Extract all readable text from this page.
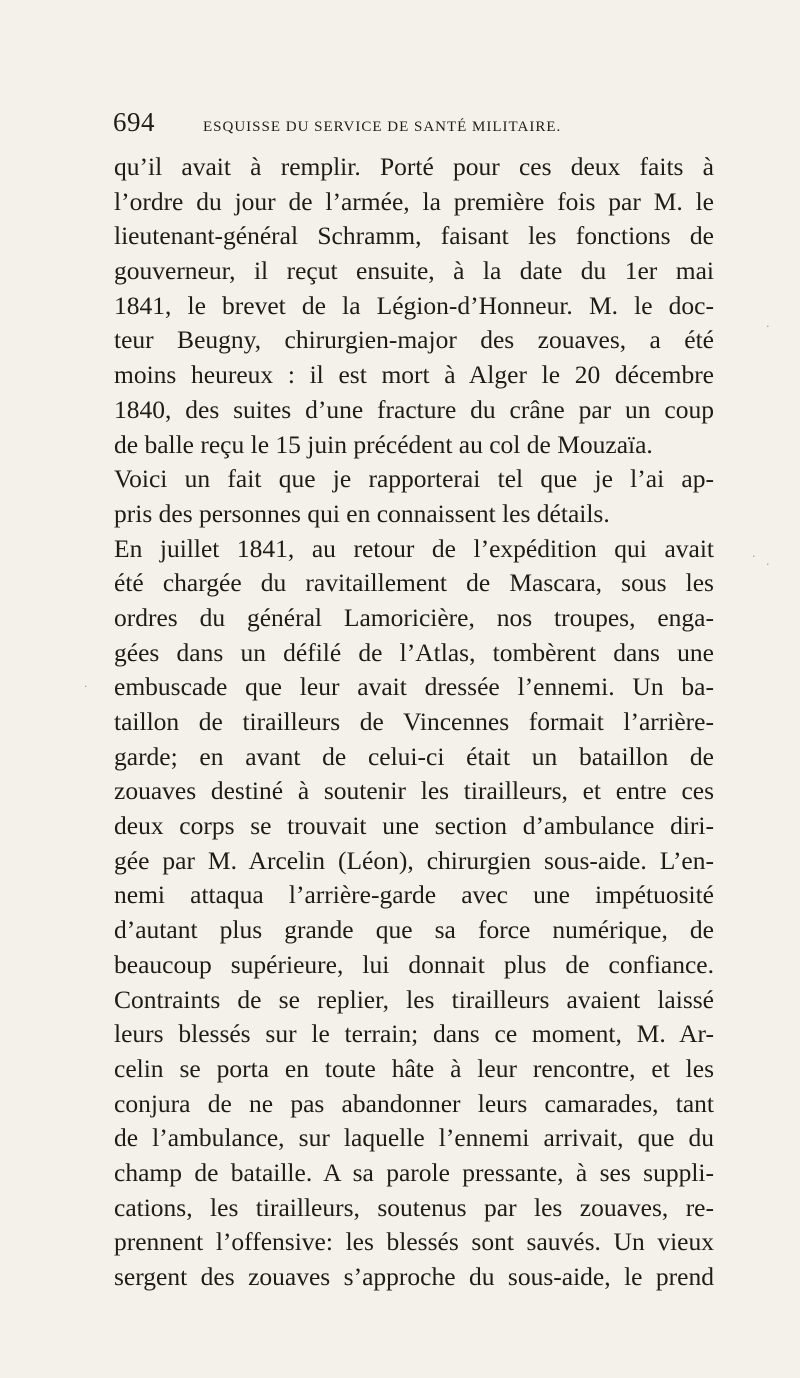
694	ESQUISSE DU SERVICE DE SANTÉ MILITAIRE.
qu’il avait à remplir. Porté pour ces deux faits à
l’ordre du jour de l’armée, la première fois par M. le
lieutenant-général Schramm, faisant les fonctions de
gouverneur, il reçut ensuite, à la date du 1er mai
1841, le brevet de la Légion-d’Honneur. M. le doc-
teur Beugny, chirurgien-major des zouaves, a été
moins heureux : il est mort à Alger le 20 décembre
1840, des suites d’une fracture du crâne par un coup
de balle reçu le 15 juin précédent au col de Mouzaïa.
Voici un fait que je rapporterai tel que je l’ai ap-
pris des personnes qui en connaissent les détails.
En juillet 1841, au retour de l’expédition qui avait
été chargée du ravitaillement de Mascara, sous les
ordres du général Lamoricière, nos troupes, enga-
gées dans un défilé de l’Atlas, tombèrent dans une
embuscade que leur avait dressée l’ennemi. Un ba-
taillon de tirailleurs de Vincennes formait l’arrière-
garde; en avant de celui-ci était un bataillon de
zouaves destiné à soutenir les tirailleurs, et entre ces
deux corps se trouvait une section d’ambulance diri-
gée par M. Arcelin (Léon), chirurgien sous-aide. L’en-
nemi attaqua l’arrière-garde avec une impétuosité
d’autant plus grande que sa force numérique, de
beaucoup supérieure, lui donnait plus de confiance.
Contraints de se replier, les tirailleurs avaient laissé
leurs blessés sur le terrain; dans ce moment, M. Ar-
celin se porta en toute hâte à leur rencontre, et les
conjura de ne pas abandonner leurs camarades, tant
de l’ambulance, sur laquelle l’ennemi arrivait, que du
champ de bataille. A sa parole pressante, à ses suppli-
cations, les tirailleurs, soutenus par les zouaves, re-
prennent l’offensive: les blessés sont sauvés. Un vieux
sergent des zouaves s’approche du sous-aide, le prend
·
·
·
·
